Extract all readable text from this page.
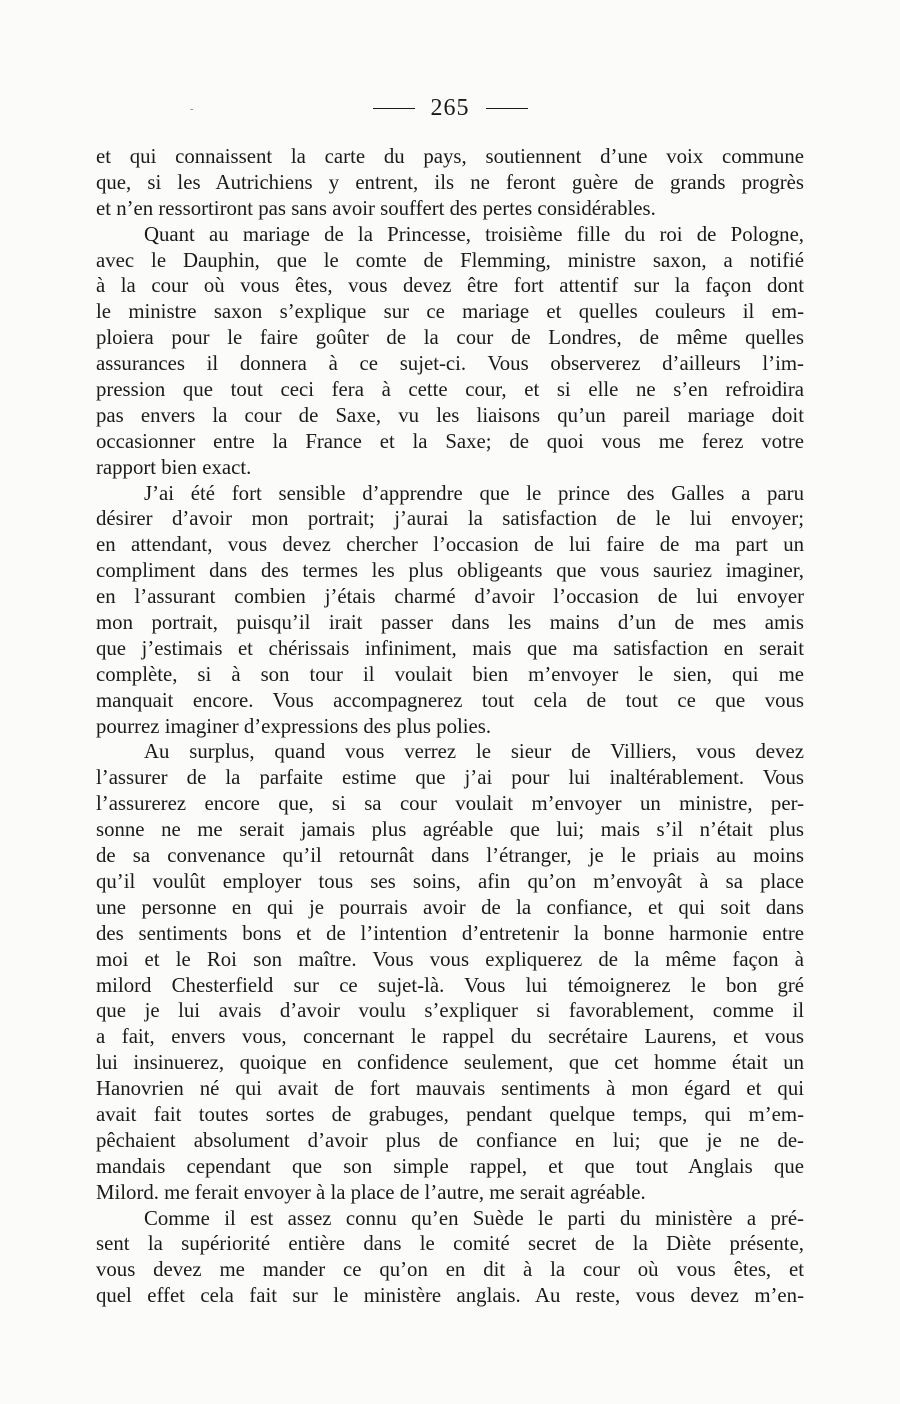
265
-
et qui connaissent la carte du pays, soutiennent d’une voix commune
que, si les Autrichiens y entrent, ils ne feront guère de grands progrès
et n’en ressortiront pas sans avoir souffert des pertes considérables.
Quant au mariage de la Princesse, troisième fille du roi de Pologne,
avec le Dauphin, que le comte de Flemming, ministre saxon, a notifié
à la cour où vous êtes, vous devez être fort attentif sur la façon dont
le ministre saxon s’explique sur ce mariage et quelles couleurs il em-
ploiera pour le faire goûter de la cour de Londres, de même quelles
assurances il donnera à ce sujet-ci. Vous observerez d’ailleurs l’im-
pression que tout ceci fera à cette cour, et si elle ne s’en refroidira
pas envers la cour de Saxe, vu les liaisons qu’un pareil mariage doit
occasionner entre la France et la Saxe; de quoi vous me ferez votre
rapport bien exact.
J’ai été fort sensible d’apprendre que le prince des Galles a paru
désirer d’avoir mon portrait; j’aurai la satisfaction de le lui envoyer;
en attendant, vous devez chercher l’occasion de lui faire de ma part un
compliment dans des termes les plus obligeants que vous sauriez imaginer,
en l’assurant combien j’étais charmé d’avoir l’occasion de lui envoyer
mon portrait, puisqu’il irait passer dans les mains d’un de mes amis
que j’estimais et chérissais infiniment, mais que ma satisfaction en serait
complète, si à son tour il voulait bien m’envoyer le sien, qui me
manquait encore. Vous accompagnerez tout cela de tout ce que vous
pourrez imaginer d’expressions des plus polies.
Au surplus, quand vous verrez le sieur de Villiers, vous devez
l’assurer de la parfaite estime que j’ai pour lui inaltérablement. Vous
l’assurerez encore que, si sa cour voulait m’envoyer un ministre, per-
sonne ne me serait jamais plus agréable que lui; mais s’il n’était plus
de sa convenance qu’il retournât dans l’étranger, je le priais au moins
qu’il voulût employer tous ses soins, afin qu’on m’envoyât à sa place
une personne en qui je pourrais avoir de la confiance, et qui soit dans
des sentiments bons et de l’intention d’entretenir la bonne harmonie entre
moi et le Roi son maître. Vous vous expliquerez de la même façon à
milord Chesterfield sur ce sujet-là. Vous lui témoignerez le bon gré
que je lui avais d’avoir voulu s’expliquer si favorablement, comme il
a fait, envers vous, concernant le rappel du secrétaire Laurens, et vous
lui insinuerez, quoique en confidence seulement, que cet homme était un
Hanovrien né qui avait de fort mauvais sentiments à mon égard et qui
avait fait toutes sortes de grabuges, pendant quelque temps, qui m’em-
pêchaient absolument d’avoir plus de confiance en lui; que je ne de-
mandais cependant que son simple rappel, et que tout Anglais que
Milord. me ferait envoyer à la place de l’autre, me serait agréable.
Comme il est assez connu qu’en Suède le parti du ministère a pré-
sent la supériorité entière dans le comité secret de la Diète présente,
vous devez me mander ce qu’on en dit à la cour où vous êtes, et
quel effet cela fait sur le ministère anglais. Au reste, vous devez m’en-
